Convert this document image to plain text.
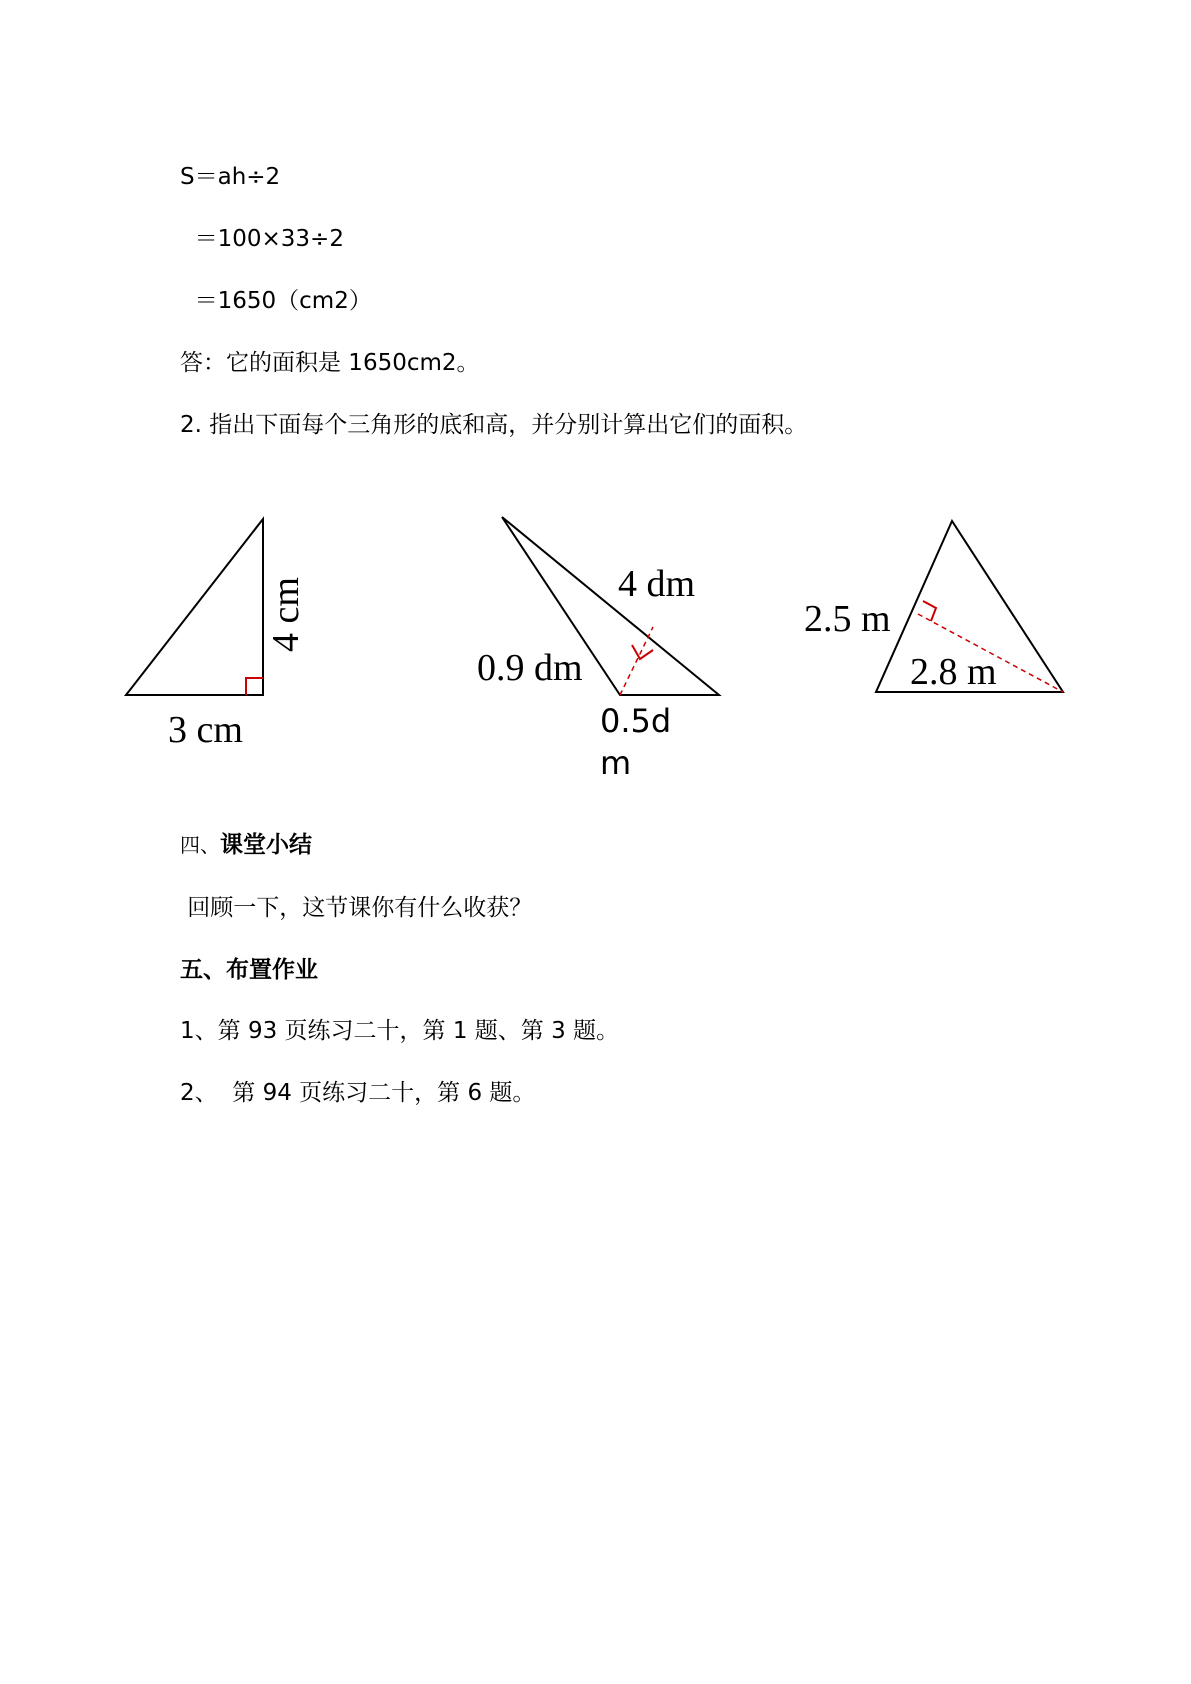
S＝ah÷2
＝100×33÷2
＝1650（cm2）
答：它的面积是 1650cm2。
2. 指出下面每个三角形的底和高，并分别计算出它们的面积。
4 cm
3 cm
4 dm
0.9 dm
0.5d
m
2.5 m
2.8 m
四、课堂小结
回顾一下，这节课你有什么收获？
五、布置作业
1、第 93 页练习二十，第 1 题、第 3 题。
2、  第 94 页练习二十，第 6 题。
